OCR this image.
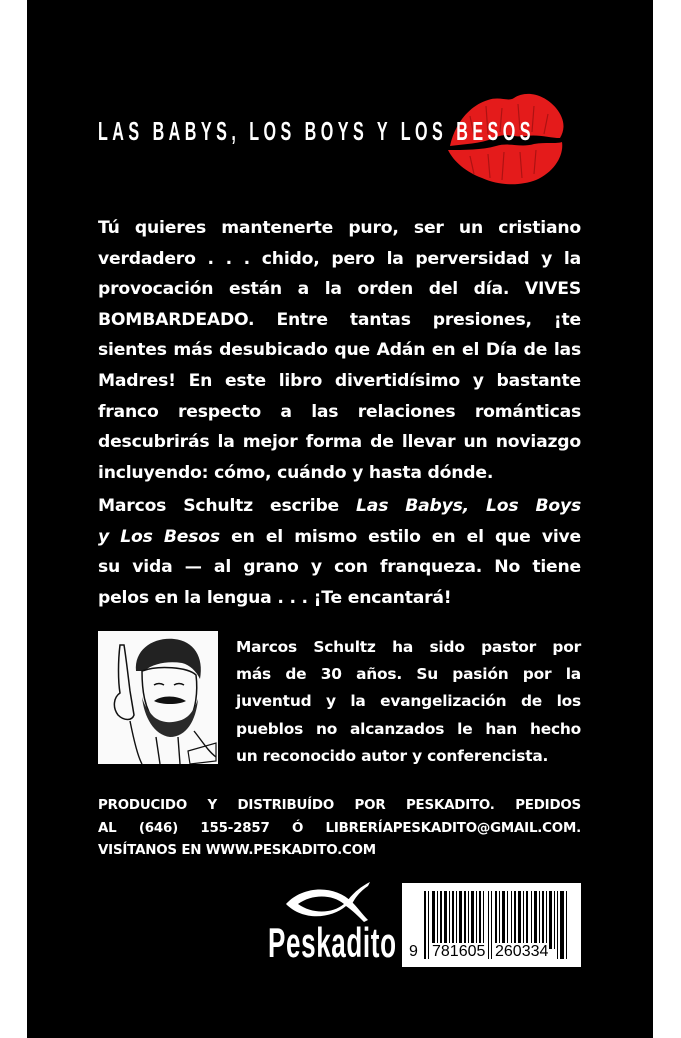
LAS BABYS, LOS BOYS Y LOS BESOS
Tú quieres mantenerte puro, ser un cristiano
verdadero . . . chido, pero la perversidad y la
provocación están a la orden del día. VIVES
BOMBARDEADO. Entre tantas presiones, ¡te
sientes más desubicado que Adán en el Día de las
Madres! En este libro divertidísimo y bastante
franco respecto a las relaciones románticas
descubrirás la mejor forma de llevar un noviazgo
incluyendo: cómo, cuándo y hasta dónde.
Marcos Schultz escribe Las Babys, Los Boys
y Los Besos en el mismo estilo en el que vive
su vida — al grano y con franqueza. No tiene
pelos en la lengua . . . ¡Te encantará!
Marcos Schultz ha sido pastor por
más de 30 años. Su pasión por la
juventud y la evangelización de los
pueblos no alcanzados le han hecho
un reconocido autor y conferencista.
PRODUCIDO Y DISTRIBUÍDO POR PESKADITO. PEDIDOS
AL (646) 155-2857 Ó LIBRERÍAPESKADITO@GMAIL.COM.
VISÍTANOS EN WWW.PESKADITO.COM
Peskadito 9 781605 260334
